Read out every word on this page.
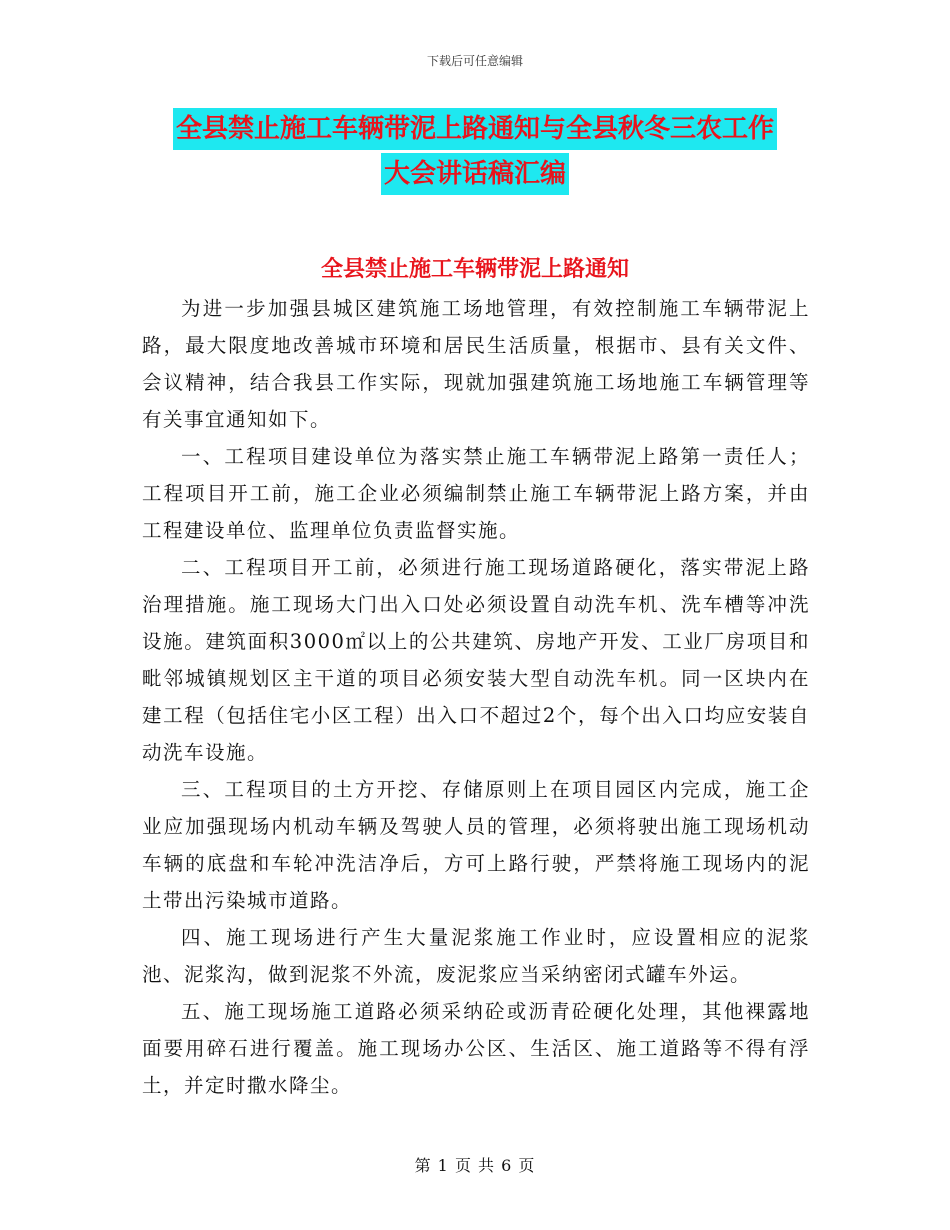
下载后可任意编辑
全县禁止施工车辆带泥上路通知与全县秋冬三农工作
大会讲话稿汇编
全县禁止施工车辆带泥上路通知

为进一步加强县城区建筑施工场地管理，有效控制施工车辆带泥上路，最大限度地改善城市环境和居民生活质量，根据市、县有关文件、会议精神，结合我县工作实际，现就加强建筑施工场地施工车辆管理等有关事宜通知如下。

一、工程项目建设单位为落实禁止施工车辆带泥上路第一责任人；工程项目开工前，施工企业必须编制禁止施工车辆带泥上路方案，并由工程建设单位、监理单位负责监督实施。

二、工程项目开工前，必须进行施工现场道路硬化，落实带泥上路治理措施。施工现场大门出入口处必须设置自动洗车机、洗车槽等冲洗设施。建筑面积3000㎡以上的公共建筑、房地产开发、工业厂房项目和毗邻城镇规划区主干道的项目必须安装大型自动洗车机。同一区块内在建工程（包括住宅小区工程）出入口不超过2个，每个出入口均应安装自动洗车设施。

三、工程项目的土方开挖、存储原则上在项目园区内完成，施工企业应加强现场内机动车辆及驾驶人员的管理，必须将驶出施工现场机动车辆的底盘和车轮冲洗洁净后，方可上路行驶，严禁将施工现场内的泥土带出污染城市道路。

四、施工现场进行产生大量泥浆施工作业时，应设置相应的泥浆池、泥浆沟，做到泥浆不外流，废泥浆应当采纳密闭式罐车外运。

五、施工现场施工道路必须采纳砼或沥青砼硬化处理，其他裸露地面要用碎石进行覆盖。施工现场办公区、生活区、施工道路等不得有浮土，并定时撒水降尘。

第 1 页 共 6 页
